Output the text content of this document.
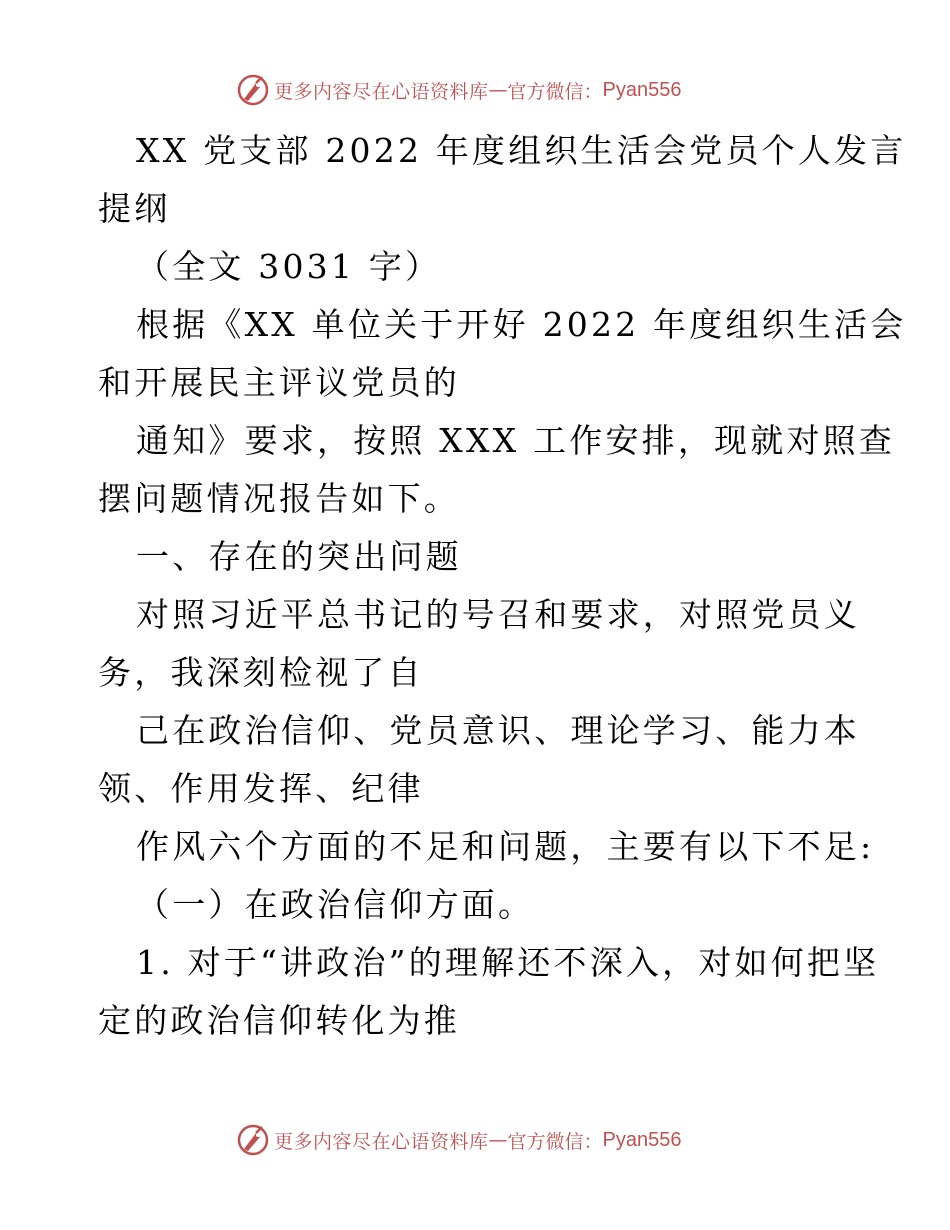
更多内容尽在心语资料库 — 官方微信： Pyan556
XX 党支部 2022 年度组织生活会党员个人发言
提纲
（全文 3031 字）
根据《XX 单位关于开好 2022 年度组织生活会
和开展民主评议党员的
通知》要求，按照 XXX 工作安排，现就对照查
摆问题情况报告如下。
一、存在的突出问题
对照习近平总书记的号召和要求，对照党员义
务，我深刻检视了自
己在政治信仰、党员意识、理论学习、能力本
领、作用发挥、纪律
作风六个方面的不足和问题，主要有以下不足:
（一）在政治信仰方面。
1. 对于“讲政治”的理解还不深入，对如何把坚
定的政治信仰转化为推
更多内容尽在心语资料库 — 官方微信： Pyan556
